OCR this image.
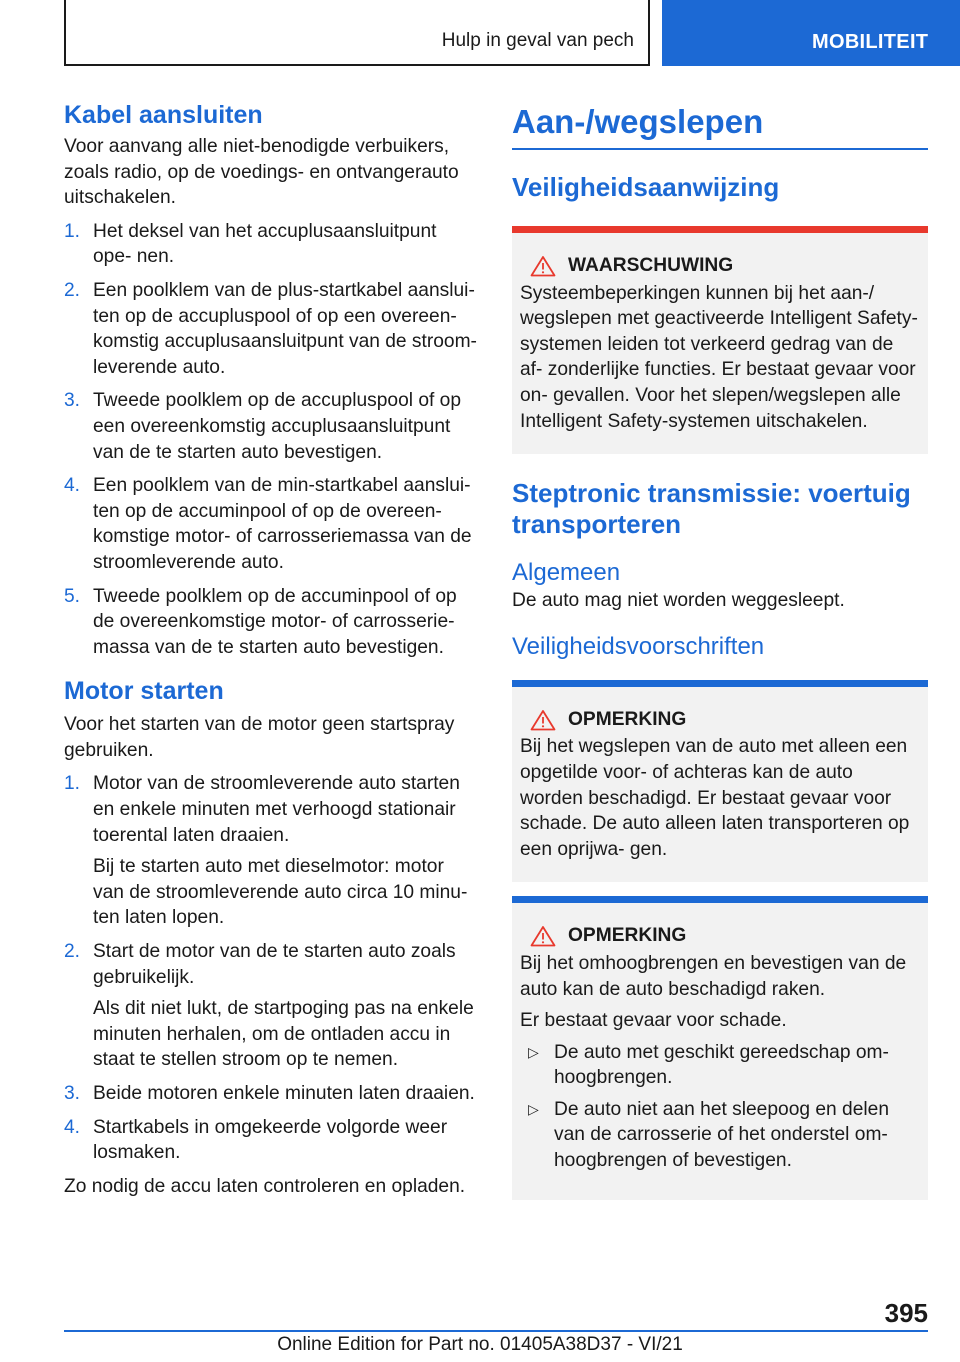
Hulp in geval van pech	MOBILITEIT
Kabel aansluiten

Voor aanvang alle niet-benodigde verbuikers, zoals radio, op de voedings- en ontvangerauto uitschakelen.

1. Het deksel van het accuplusaansluitpunt ope- nen.
2. Een poolklem van de plus-startkabel aanslui- ten op de accupluspool of op een overeen- komstig accuplusaansluitpunt van de stroom- leverende auto.
3. Tweede poolklem op de accupluspool of op een overeenkomstig accuplusaansluitpunt van de te starten auto bevestigen.
4. Een poolklem van de min-startkabel aanslui- ten op de accuminpool of op de overeen- komstige motor- of carrosseriemassa van de stroomleverende auto.
5. Tweede poolklem op de accuminpool of op de overeenkomstige motor- of carrosserie- massa van de te starten auto bevestigen.
Motor starten

Voor het starten van de motor geen startspray gebruiken.

1. Motor van de stroomleverende auto starten en enkele minuten met verhoogd stationair toerental laten draaien.
Bij te starten auto met dieselmotor: motor van de stroomleverende auto circa 10 minu- ten laten lopen.
2. Start de motor van de te starten auto zoals gebruikelijk.
Als dit niet lukt, de startpoging pas na enkele minuten herhalen, om de ontladen accu in staat te stellen stroom op te nemen.
3. Beide motoren enkele minuten laten draaien.
4. Startkabels in omgekeerde volgorde weer losmaken.

Zo nodig de accu laten controleren en opladen.

Aan-/wegslepen
Veiligheidsaanwijzing
WAARSCHUWING

Systeembeperkingen kunnen bij het aan-/ wegslepen met geactiveerde Intelligent Safety-systemen leiden tot verkeerd gedrag van de af- zonderlijke functies. Er bestaat gevaar voor on- gevallen. Voor het slepen/wegslepen alle Intelligent Safety-systemen uitschakelen.

Steptronic transmissie: voertuig transporteren
Algemeen

De auto mag niet worden weggesleept.

Veiligheidsvoorschriften
OPMERKING

Bij het wegslepen van de auto met alleen een opgetilde voor- of achteras kan de auto worden beschadigd. Er bestaat gevaar voor schade. De auto alleen laten transporteren op een oprijwa- gen.

OPMERKING

Bij het omhoogbrengen en bevestigen van de auto kan de auto beschadigd raken.

Er bestaat gevaar voor schade.

▷ De auto met geschikt gereedschap om- hoogbrengen.
▷ De auto niet aan het sleepoog en delen van de carrosserie of het onderstel om- hoogbrengen of bevestigen.
395
Online Edition for Part no. 01405A38D37 - VI/21
